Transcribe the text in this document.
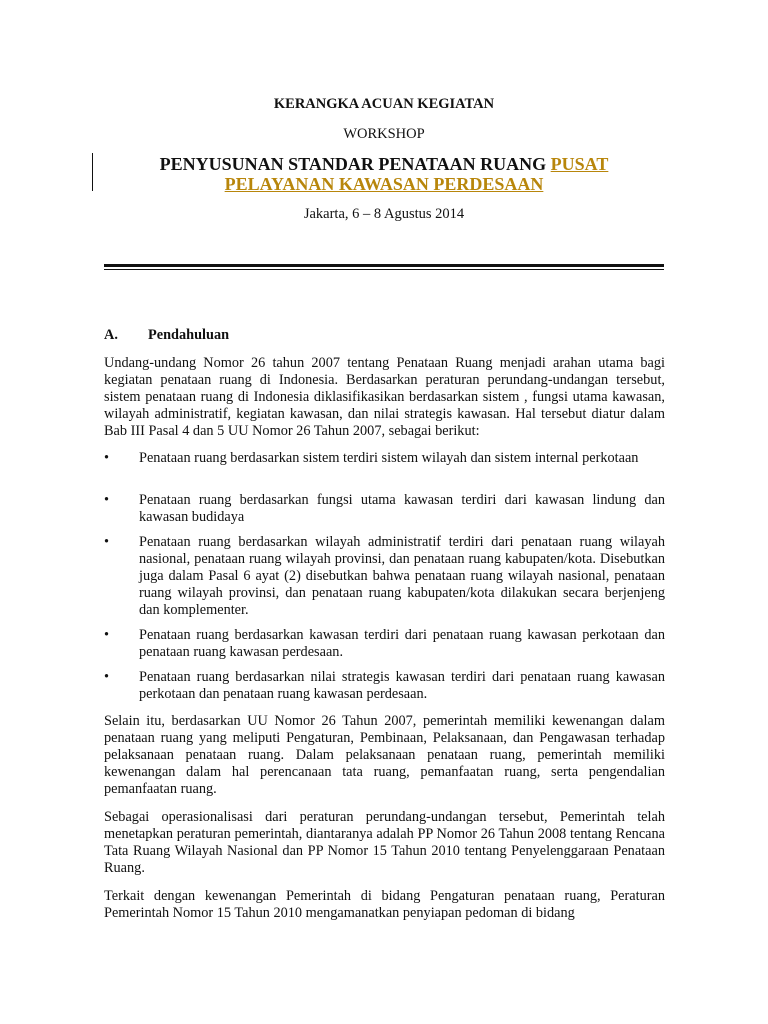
KERANGKA ACUAN KEGIATAN
WORKSHOP
PENYUSUNAN STANDAR PENATAAN RUANG PUSAT
PELAYANAN KAWASAN PERDESAAN
Jakarta, 6 – 8 Agustus 2014
A. Pendahuluan
Undang-undang Nomor 26 tahun 2007 tentang Penataan Ruang menjadi arahan utama bagi kegiatan penataan ruang di Indonesia. Berdasarkan peraturan perundang-undangan tersebut, sistem penataan ruang di Indonesia diklasifikasikan berdasarkan sistem , fungsi utama kawasan, wilayah administratif, kegiatan kawasan, dan nilai strategis kawasan. Hal tersebut diatur dalam Bab III Pasal 4 dan 5 UU Nomor 26 Tahun 2007, sebagai berikut:
• Penataan ruang berdasarkan sistem terdiri sistem wilayah dan sistem internal perkotaan
• Penataan ruang berdasarkan fungsi utama kawasan terdiri dari kawasan lindung dan kawasan budidaya
• Penataan ruang berdasarkan wilayah administratif terdiri dari penataan ruang wilayah nasional, penataan ruang wilayah provinsi, dan penataan ruang kabupaten/kota. Disebutkan juga dalam Pasal 6 ayat (2) disebutkan bahwa penataan ruang wilayah nasional, penataan ruang wilayah provinsi, dan penataan ruang kabupaten/kota dilakukan secara berjenjeng dan komplementer.
• Penataan ruang berdasarkan kawasan terdiri dari penataan ruang kawasan perkotaan dan penataan ruang kawasan perdesaan.
• Penataan ruang berdasarkan nilai strategis kawasan terdiri dari penataan ruang kawasan perkotaan dan penataan ruang kawasan perdesaan.
Selain itu, berdasarkan UU Nomor 26 Tahun 2007, pemerintah memiliki kewenangan dalam penataan ruang yang meliputi Pengaturan, Pembinaan, Pelaksanaan, dan Pengawasan terhadap pelaksanaan penataan ruang. Dalam pelaksanaan penataan ruang, pemerintah memiliki kewenangan dalam hal perencanaan tata ruang, pemanfaatan ruang, serta pengendalian pemanfaatan ruang.
Sebagai operasionalisasi dari peraturan perundang-undangan tersebut, Pemerintah telah menetapkan peraturan pemerintah, diantaranya adalah PP Nomor 26 Tahun 2008 tentang Rencana Tata Ruang Wilayah Nasional dan PP Nomor 15 Tahun 2010 tentang Penyelenggaraan Penataan Ruang.
Terkait dengan kewenangan Pemerintah di bidang Pengaturan penataan ruang, Peraturan Pemerintah Nomor 15 Tahun 2010 mengamanatkan penyiapan pedoman di bidang
